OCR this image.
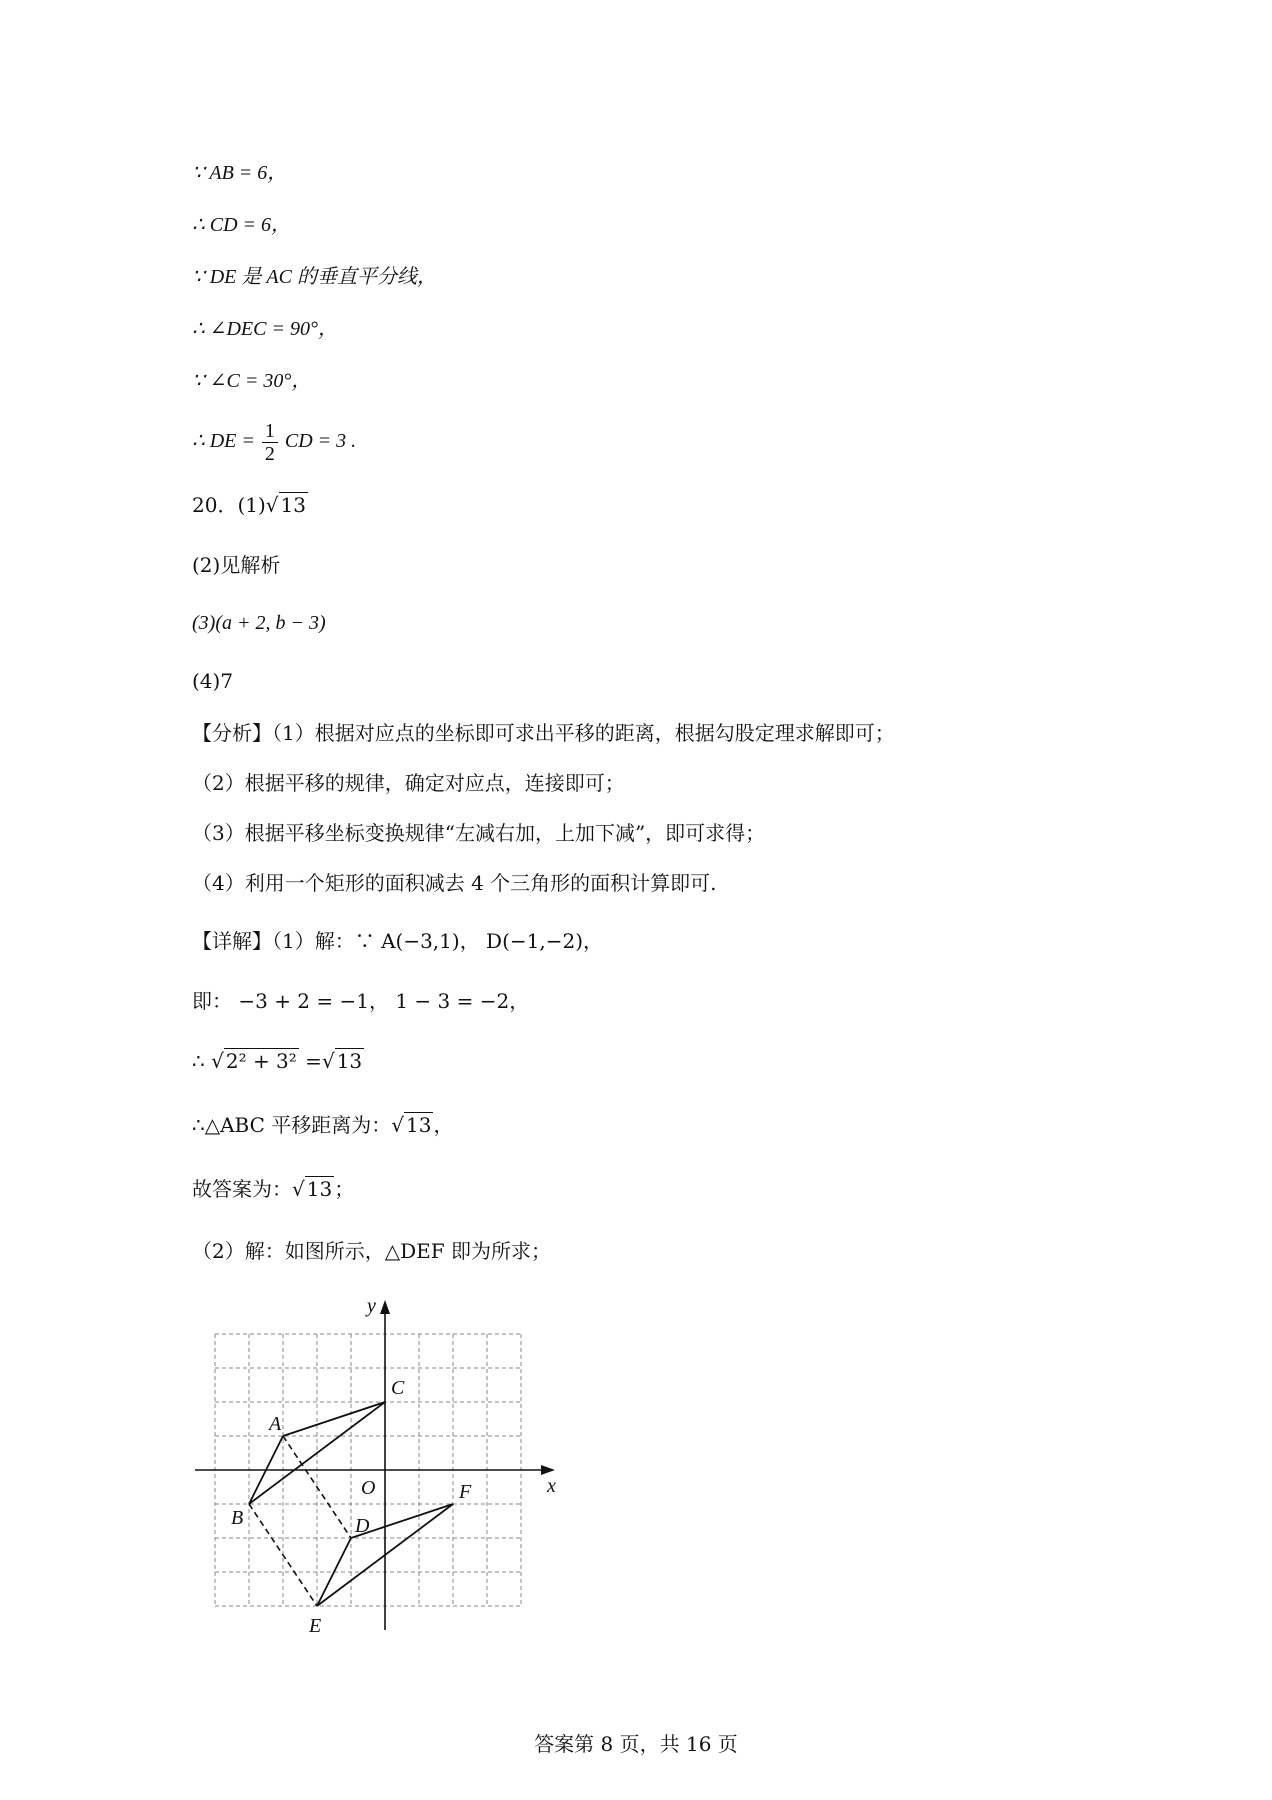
∵ AB = 6，
∴ CD = 6，
∵ DE 是 AC 的垂直平分线，
∴ ∠DEC = 90°，
∵ ∠C = 30°，
∴ DE = $\frac{1}{2}$ CD = 3 .
20．(1)√ 13
(2)见解析
(3)(a + 2, b − 3)
(4)7
【分析】（1）根据对应点的坐标即可求出平移的距离，根据勾股定理求解即可；
（2）根据平移的规律，确定对应点，连接即可；
（3）根据平移坐标变换规律“左减右加，上加下减”，即可求得；
（4）利用一个矩形的面积减去 4 个三角形的面积计算即可.
【详解】（1）解：∵ A(−3,1)， D(−1,−2)，
即： −3 + 2 = −1， 1 − 3 = −2，
∴ √ 2² + 3² =√ 13
∴△ABC 平移距离为：√ 13 ，
故答案为：√ 13 ；
（2）解：如图所示，△DEF 即为所求；
x
y
O
A
B
C
D
E
F
答案第 8 页，共 16 页
